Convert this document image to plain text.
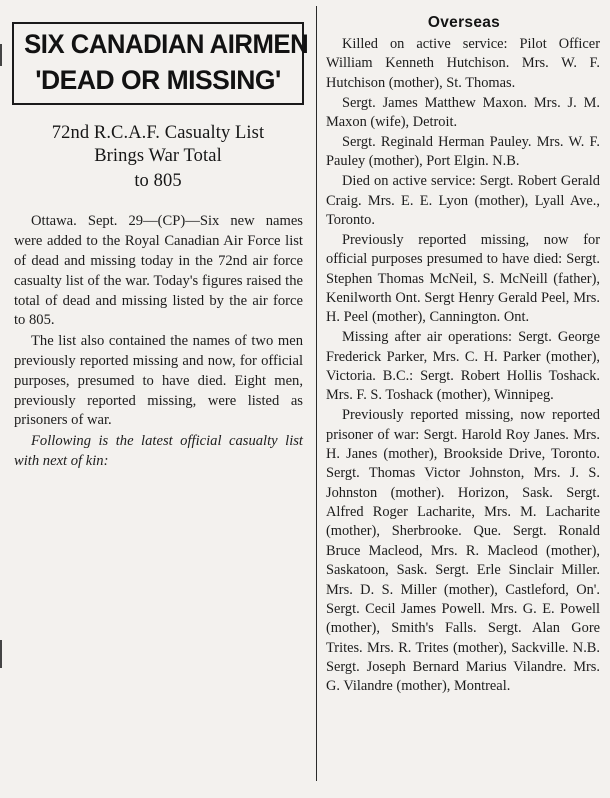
SIX CANADIAN AIRMEN
'DEAD OR MISSING'
72nd R.C.A.F. Casualty List
Brings War Total
to 805

Ottawa. Sept. 29—(CP)—Six new names were added to the Royal Canadian Air Force list of dead and missing today in the 72nd air force casualty list of the war. Today's figures raised the total of dead and missing listed by the air force to 805.

The list also contained the names of two men previously reported missing and now, for official purposes, presumed to have died. Eight men, previously reported missing, were listed as prisoners of war.

Following is the latest official casualty list with next of kin:

Overseas

Killed on active service: Pilot Officer William Kenneth Hutchison. Mrs. W. F. Hutchison (mother), St. Thomas.

Sergt. James Matthew Maxon. Mrs. J. M. Maxon (wife), Detroit.

Sergt. Reginald Herman Pauley. Mrs. W. F. Pauley (mother), Port Elgin. N.B.

Died on active service: Sergt. Robert Gerald Craig. Mrs. E. E. Lyon (mother), Lyall Ave., Toronto.

Previously reported missing, now for official purposes presumed to have died: Sergt. Stephen Thomas McNeil, S. McNeill (father), Kenilworth Ont. Sergt Henry Gerald Peel, Mrs. H. Peel (mother), Cannington. Ont.

Missing after air operations: Sergt. George Frederick Parker, Mrs. C. H. Parker (mother), Victoria. B.C.: Sergt. Robert Hollis Toshack. Mrs. F. S. Toshack (mother), Winnipeg.

Previously reported missing, now reported prisoner of war: Sergt. Harold Roy Janes. Mrs. H. Janes (mother), Brookside Drive, Toronto. Sergt. Thomas Victor Johnston, Mrs. J. S. Johnston (mother). Horizon, Sask. Sergt. Alfred Roger Lacharite, Mrs. M. Lacharite (mother), Sherbrooke. Que. Sergt. Ronald Bruce Macleod, Mrs. R. Macleod (mother), Saskatoon, Sask. Sergt. Erle Sinclair Miller. Mrs. D. S. Miller (mother), Castleford, On'. Sergt. Cecil James Powell. Mrs. G. E. Powell (mother), Smith's Falls. Sergt. Alan Gore Trites. Mrs. R. Trites (mother), Sackville. N.B. Sergt. Joseph Bernard Marius Vilandre. Mrs. G. Vilandre (mother), Montreal.
